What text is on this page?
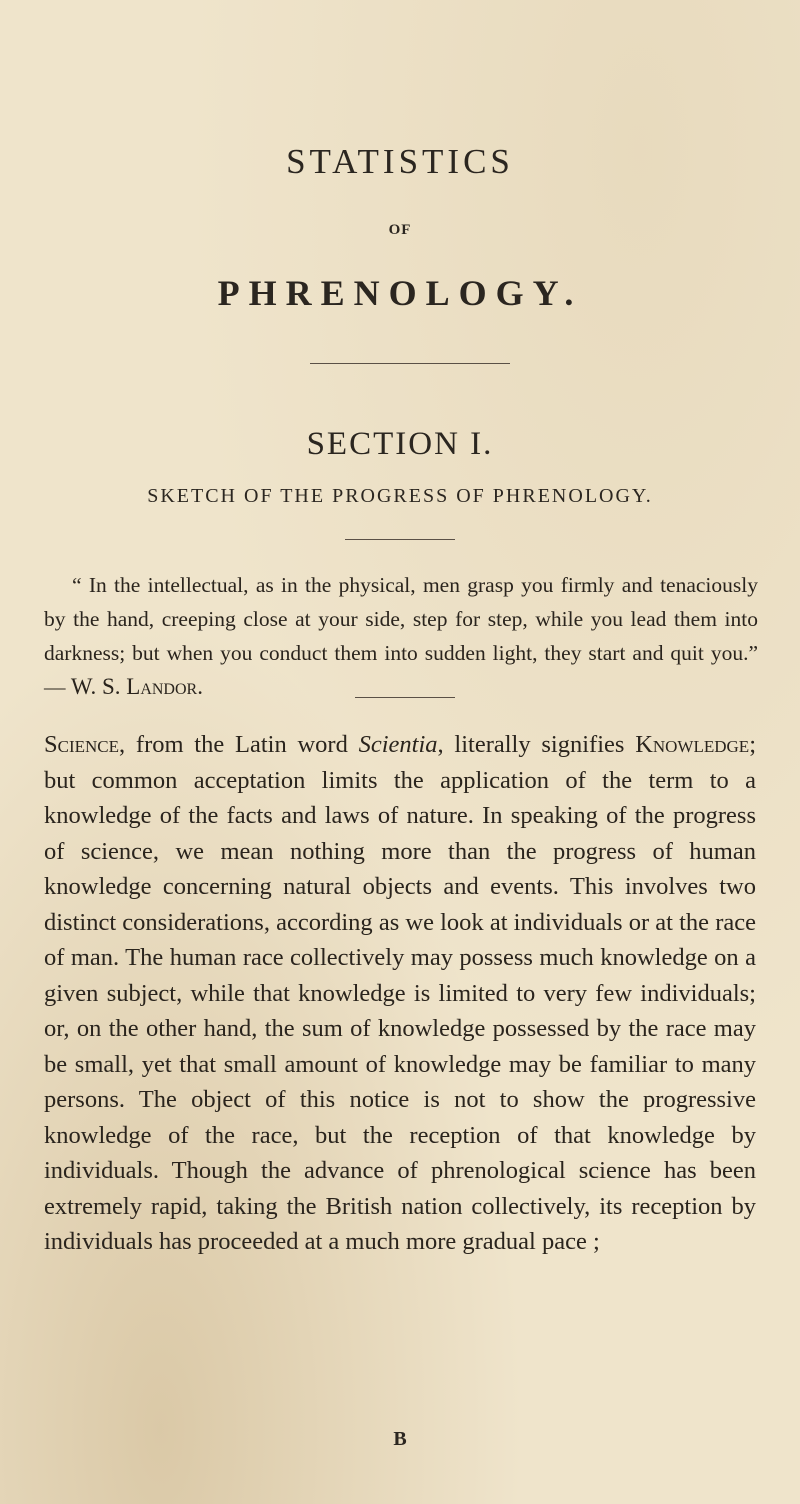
STATISTICS
OF
PHRENOLOGY.
SECTION I.
SKETCH OF THE PROGRESS OF PHRENOLOGY.

“ In the intellectual, as in the physical, men grasp you firmly and tenaciously by the hand, creeping close at your side, step for step, while you lead them into darkness; but when you conduct them into sudden light, they start and quit you.” — W. S. Landor.

Science, from the Latin word Scientia, literally signifies Knowledge; but common acceptation limits the application of the term to a knowledge of the facts and laws of nature. In speaking of the progress of science, we mean nothing more than the progress of human knowledge concerning natural objects and events. This involves two distinct considerations, according as we look at individuals or at the race of man. The human race collectively may possess much knowledge on a given subject, while that knowledge is limited to very few individuals; or, on the other hand, the sum of knowledge possessed by the race may be small, yet that small amount of knowledge may be familiar to many persons. The object of this notice is not to show the progressive knowledge of the race, but the reception of that knowledge by individuals. Though the advance of phrenological science has been extremely rapid, taking the British nation collectively, its reception by individuals has proceeded at a much more gradual pace ;

B
